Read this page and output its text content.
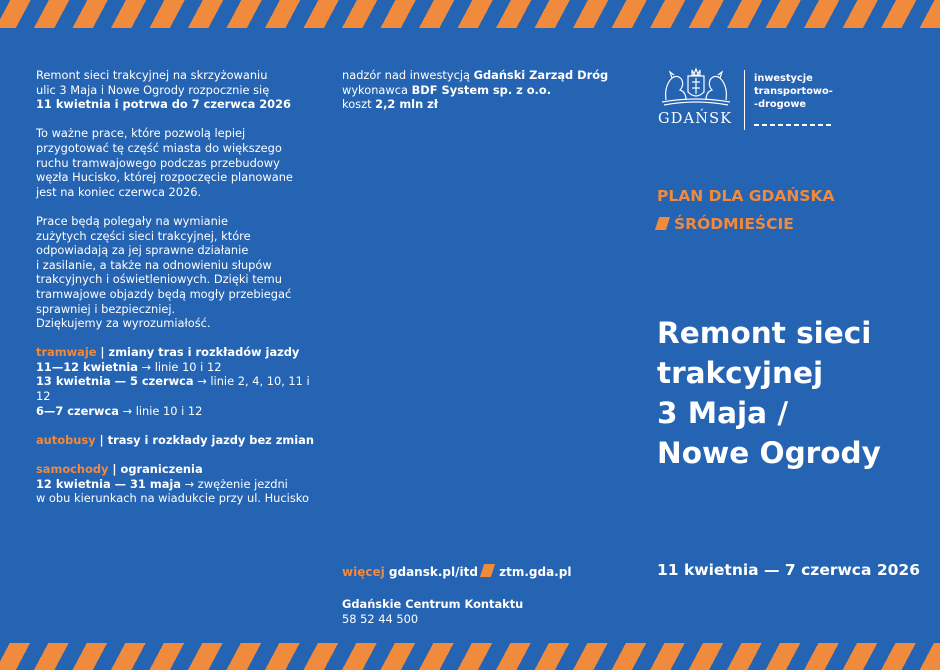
Remont sieci trakcyjnej na skrzyżowaniu
ulic 3 Maja i Nowe Ogrody rozpocznie się
11 kwietnia i potrwa do 7 czerwca 2026

To ważne prace, które pozwolą lepiej
przygotować tę część miasta do większego
ruchu tramwajowego podczas przebudowy
węzła Hucisko, której rozpoczęcie planowane
jest na koniec czerwca 2026.

Prace będą polegały na wymianie
zużytych części sieci trakcyjnej, które
odpowiadają za jej sprawne działanie
i zasilanie, a także na odnowieniu słupów
trakcyjnych i oświetleniowych. Dzięki temu
tramwajowe objazdy będą mogły przebiegać
sprawniej i bezpieczniej.
Dziękujemy za wyrozumiałość.

tramwaje | zmiany tras i rozkładów jazdy
11—12 kwietnia → linie 10 i 12
13 kwietnia — 5 czerwca → linie 2, 4, 10, 11 i 12
6—7 czerwca → linie 10 i 12
autobusy | trasy i rozkłady jazdy bez zmian
samochody | ograniczenia
12 kwietnia — 31 maja → zwężenie jezdni
w obu kierunkach na wiadukcie przy ul. Hucisko
nadzór nad inwestycją Gdański Zarząd Dróg
wykonawca BDF System sp. z o.o.
koszt 2,2 mln zł
więcej gdansk.pl/itd ztm.gda.pl
Gdańskie Centrum Kontaktu
58 52 44 500
GDAŃSK
inwestycje
transportowo-
-drogowe
PLAN DLA GDAŃSKA
ŚRÓDMIEŚCIE
Remont sieci
trakcyjnej
3 Maja /
Nowe Ogrody
11 kwietnia — 7 czerwca 2026
